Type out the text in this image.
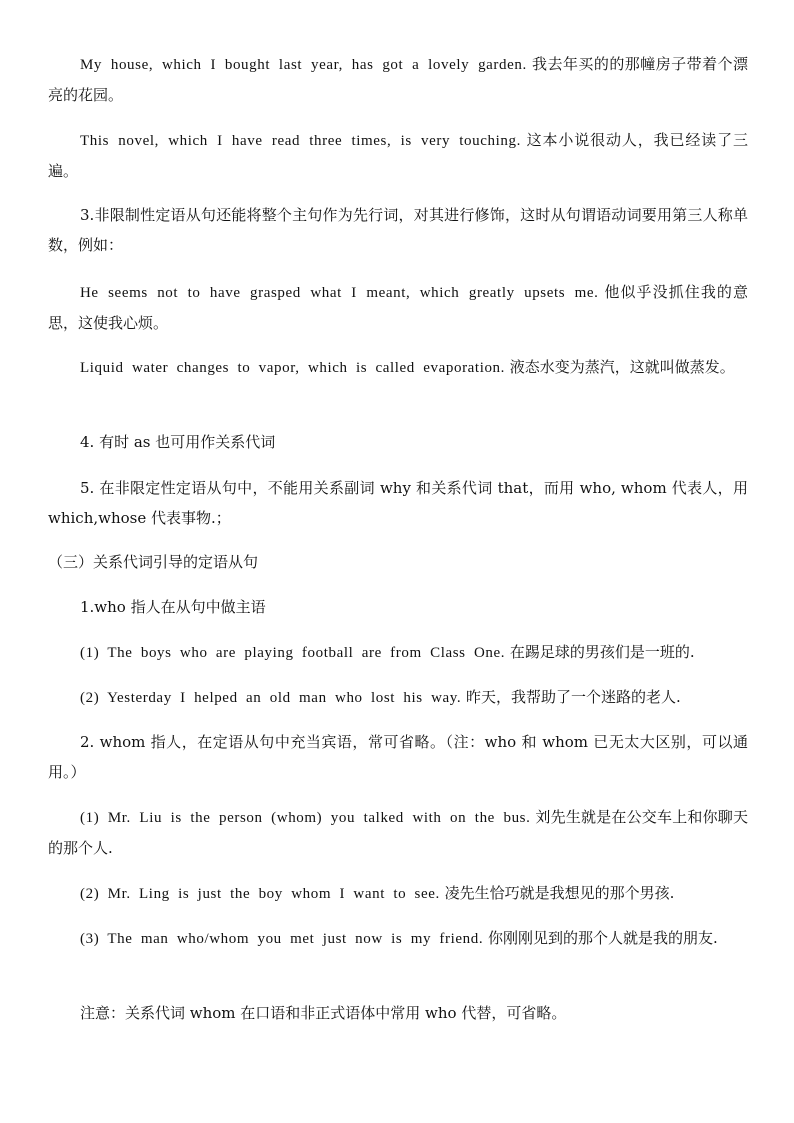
My house, which I bought last year, has got a lovely garden. 我去年买的的那幢房子带着个漂亮的花园。

This novel, which I have read three times, is very touching. 这本小说很动人，我已经读了三遍。

3.非限制性定语从句还能将整个主句作为先行词，对其进行修饰，这时从句谓语动词要用第三人称单数，例如：

He seems not to have grasped what I meant, which greatly upsets me. 他似乎没抓住我的意思，这使我心烦。

Liquid water changes to vapor, which is called evaporation. 液态水变为蒸汽，这就叫做蒸发。

4. 有时 as 也可用作关系代词

5. 在非限定性定语从句中，不能用关系副词 why 和关系代词 that，而用 who, whom 代表人，用 which,whose 代表事物.；

（三）关系代词引导的定语从句

1.who 指人在从句中做主语

(1) The boys who are playing football are from Class One. 在踢足球的男孩们是一班的.

(2) Yesterday I helped an old man who lost his way. 昨天，我帮助了一个迷路的老人.

2. whom 指人，在定语从句中充当宾语，常可省略。（注：who 和 whom 已无太大区别，可以通用。）

(1) Mr. Liu is the person (whom) you talked with on the bus. 刘先生就是在公交车上和你聊天的那个人.

(2) Mr. Ling is just the boy whom I want to see. 凌先生恰巧就是我想见的那个男孩.

(3) The man who/whom you met just now is my friend. 你刚刚见到的那个人就是我的朋友.

注意：关系代词 whom 在口语和非正式语体中常用 who 代替，可省略。
